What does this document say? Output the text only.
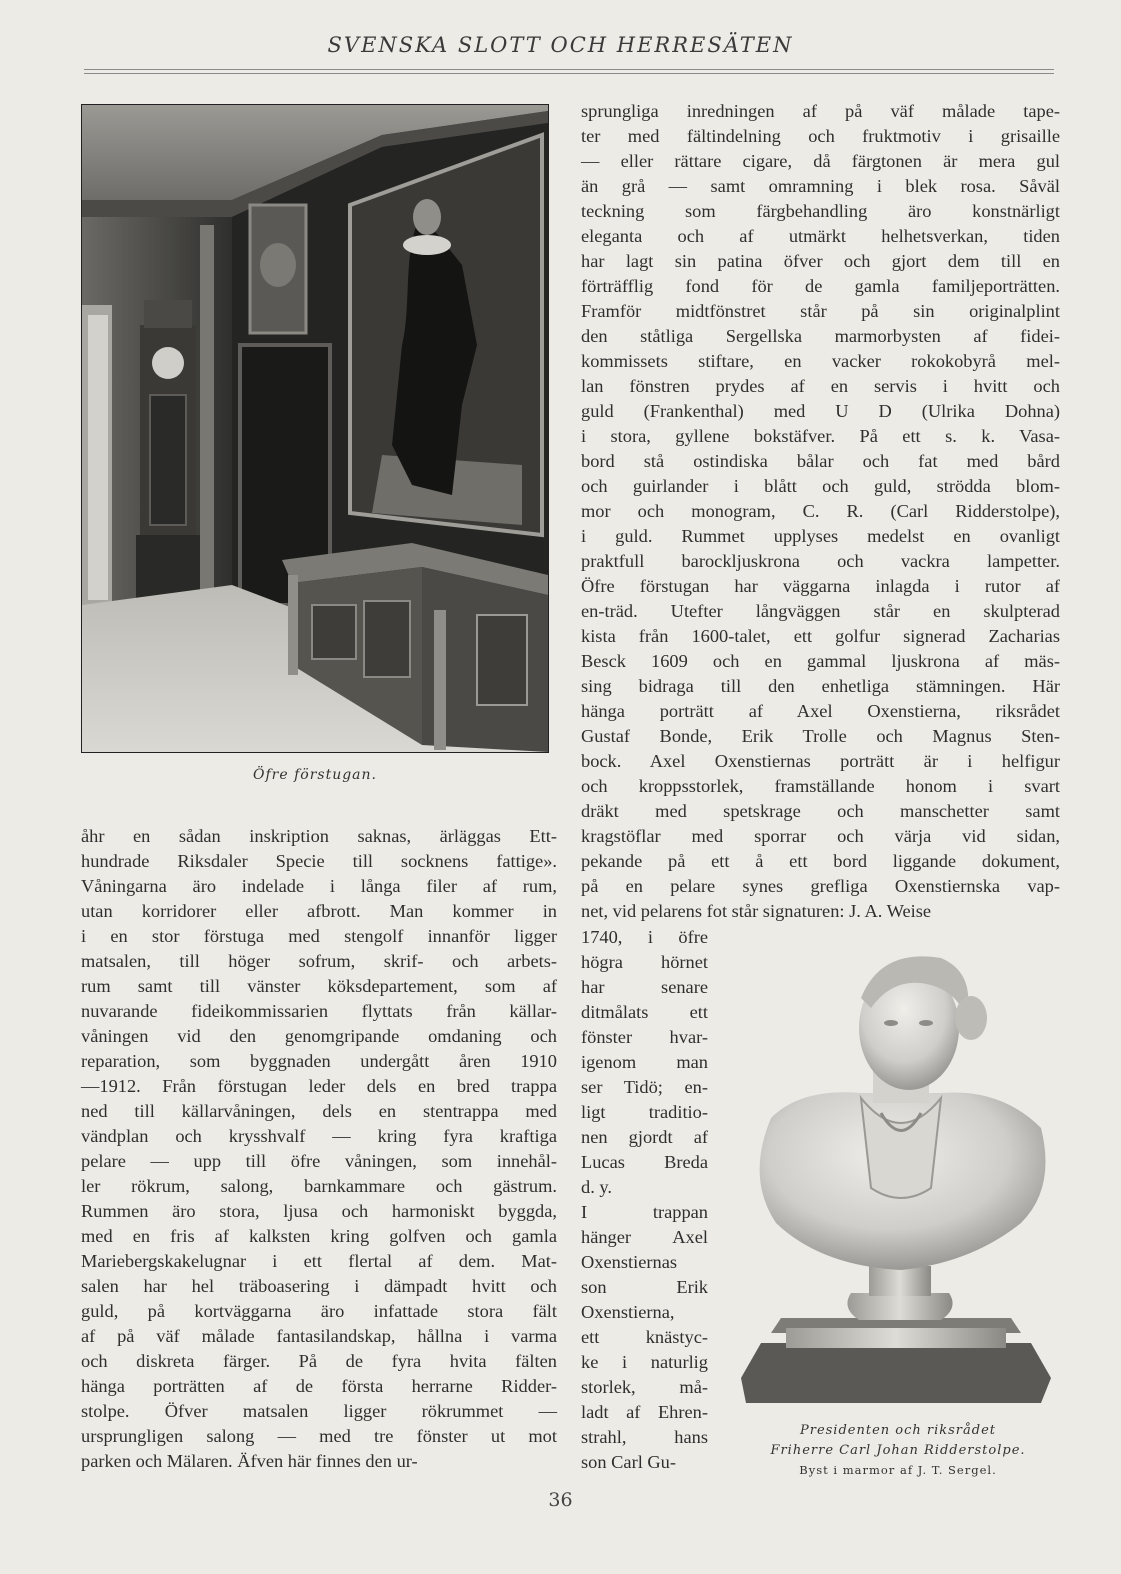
SVENSKA SLOTT OCH HERRESÄTEN
Öfre förstugan.
åhr en sådan inskription saknas, ärläggas Ett-
hundrade Riksdaler Specie till socknens fattige».
Våningarna äro indelade i långa filer af rum,
utan korridorer eller afbrott. Man kommer in
i en stor förstuga med stengolf innanför ligger
matsalen, till höger sofrum, skrif- och arbets-
rum samt till vänster köksdepartement, som af
nuvarande fideikommissarien flyttats från källar-
våningen vid den genomgripande omdaning och
reparation, som byggnaden undergått åren 1910
—1912. Från förstugan leder dels en bred trappa
ned till källarvåningen, dels en stentrappa med
vändplan och krysshvalf — kring fyra kraftiga
pelare — upp till öfre våningen, som innehål-
ler rökrum, salong, barnkammare och gästrum.
Rummen äro stora, ljusa och harmoniskt byggda,
med en fris af kalksten kring golfven och gamla
Mariebergskakelugnar i ett flertal af dem. Mat-
salen har hel träboasering i dämpadt hvitt och
guld, på kortväggarna äro infattade stora fält
af på väf målade fantasilandskap, hållna i varma
och diskreta färger. På de fyra hvita fälten
hänga porträtten af de första herrarne Ridder-
stolpe. Öfver matsalen ligger rökrummet —
ursprungligen salong — med tre fönster ut mot
parken och Mälaren. Äfven här finnes den ur-
sprungliga inredningen af på väf målade tape-
ter med fältindelning och fruktmotiv i grisaille
— eller rättare cigare, då färgtonen är mera gul
än grå — samt omramning i blek rosa. Såväl
teckning som färgbehandling äro konstnärligt
eleganta och af utmärkt helhetsverkan, tiden
har lagt sin patina öfver och gjort dem till en
förträfflig fond för de gamla familjeporträtten.
Framför midtfönstret står på sin originalplint
den ståtliga Sergellska marmorbysten af fidei-
kommissets stiftare, en vacker rokokobyrå mel-
lan fönstren prydes af en servis i hvitt och
guld (Frankenthal) med U D (Ulrika Dohna)
i stora, gyllene bokstäfver. På ett s. k. Vasa-
bord stå ostindiska bålar och fat med bård
och guirlander i blått och guld, strödda blom-
mor och monogram, C. R. (Carl Ridderstolpe),
i guld. Rummet upplyses medelst en ovanligt
praktfull barockljuskrona och vackra lampetter.
Öfre förstugan har väggarna inlagda i rutor af
en-träd. Utefter långväggen står en skulpterad
kista från 1600-talet, ett golfur signerad Zacharias
Besck 1609 och en gammal ljuskrona af mäs-
sing bidraga till den enhetliga stämningen. Här
hänga porträtt af Axel Oxenstierna, riksrådet
Gustaf Bonde, Erik Trolle och Magnus Sten-
bock. Axel Oxenstiernas porträtt är i helfigur
och kroppsstorlek, framställande honom i svart
dräkt med spetskrage och manschetter samt
kragstöflar med sporrar och värja vid sidan,
pekande på ett å ett bord liggande dokument,
på en pelare synes grefliga Oxenstiernska vap-
net, vid pelarens fot står signaturen: J. A. Weise
1740, i öfre
högra hörnet
har senare
ditmålats ett
fönster hvar-
igenom man
ser Tidö; en-
ligt traditio-
nen gjordt af
Lucas Breda
d. y.
I trappan
hänger Axel
Oxenstiernas
son Erik
Oxenstierna,
ett knästyc-
ke i naturlig
storlek, må-
ladt af Ehren-
strahl, hans
son Carl Gu-
Presidenten och riksrådet
Friherre Carl Johan Ridderstolpe.
Byst i marmor af J. T. Sergel.
36
